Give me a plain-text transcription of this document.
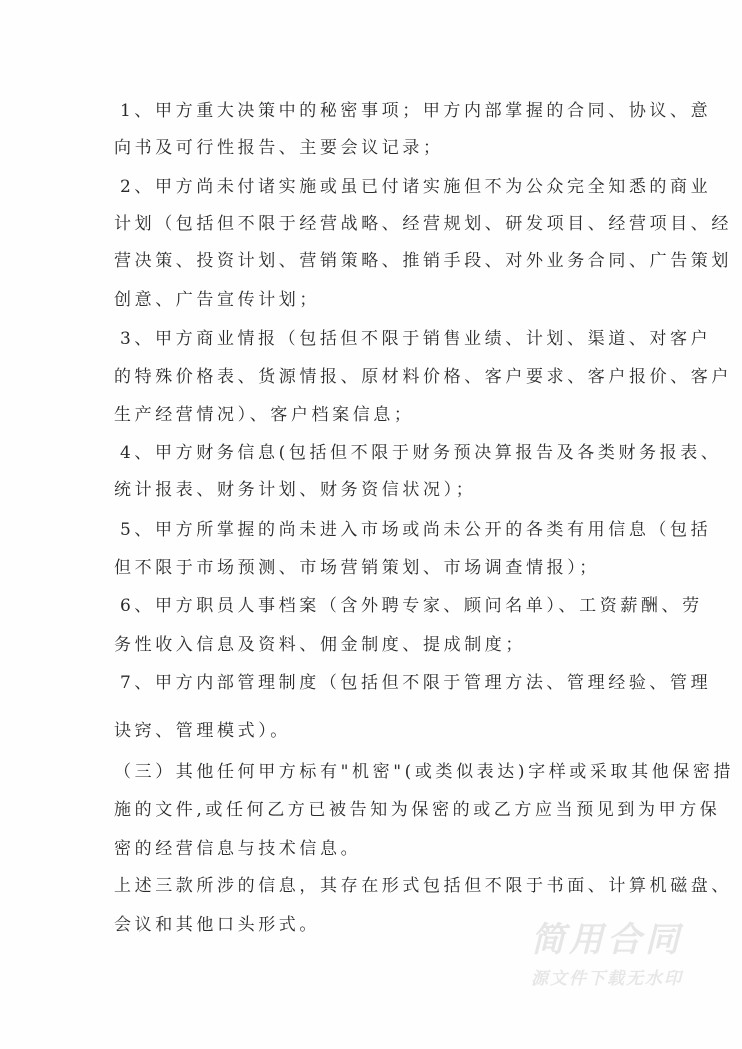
1、甲方重大决策中的秘密事项；甲方内部掌握的合同、协议、意
向书及可行性报告、主要会议记录；
2、甲方尚未付诸实施或虽已付诸实施但不为公众完全知悉的商业
计划（包括但不限于经营战略、经营规划、研发项目、经营项目、经
营决策、投资计划、营销策略、推销手段、对外业务合同、广告策划
创意、广告宣传计划；
3、甲方商业情报（包括但不限于销售业绩、计划、渠道、对客户
的特殊价格表、货源情报、原材料价格、客户要求、客户报价、客户
生产经营情况）、客户档案信息；
4、甲方财务信息(包括但不限于财务预决算报告及各类财务报表、
统计报表、财务计划、财务资信状况）；
5、甲方所掌握的尚未进入市场或尚未公开的各类有用信息（包括
但不限于市场预测、市场营销策划、市场调查情报）；
6、甲方职员人事档案（含外聘专家、顾问名单）、工资薪酬、劳
务性收入信息及资料、佣金制度、提成制度；
7、甲方内部管理制度（包括但不限于管理方法、管理经验、管理
诀窍、管理模式）。
（三）其他任何甲方标有"机密"(或类似表达)字样或采取其他保密措
施的文件,或任何乙方已被告知为保密的或乙方应当预见到为甲方保
密的经营信息与技术信息。
上述三款所涉的信息，其存在形式包括但不限于书面、计算机磁盘、
会议和其他口头形式。	简用合同
源文件下载无水印
